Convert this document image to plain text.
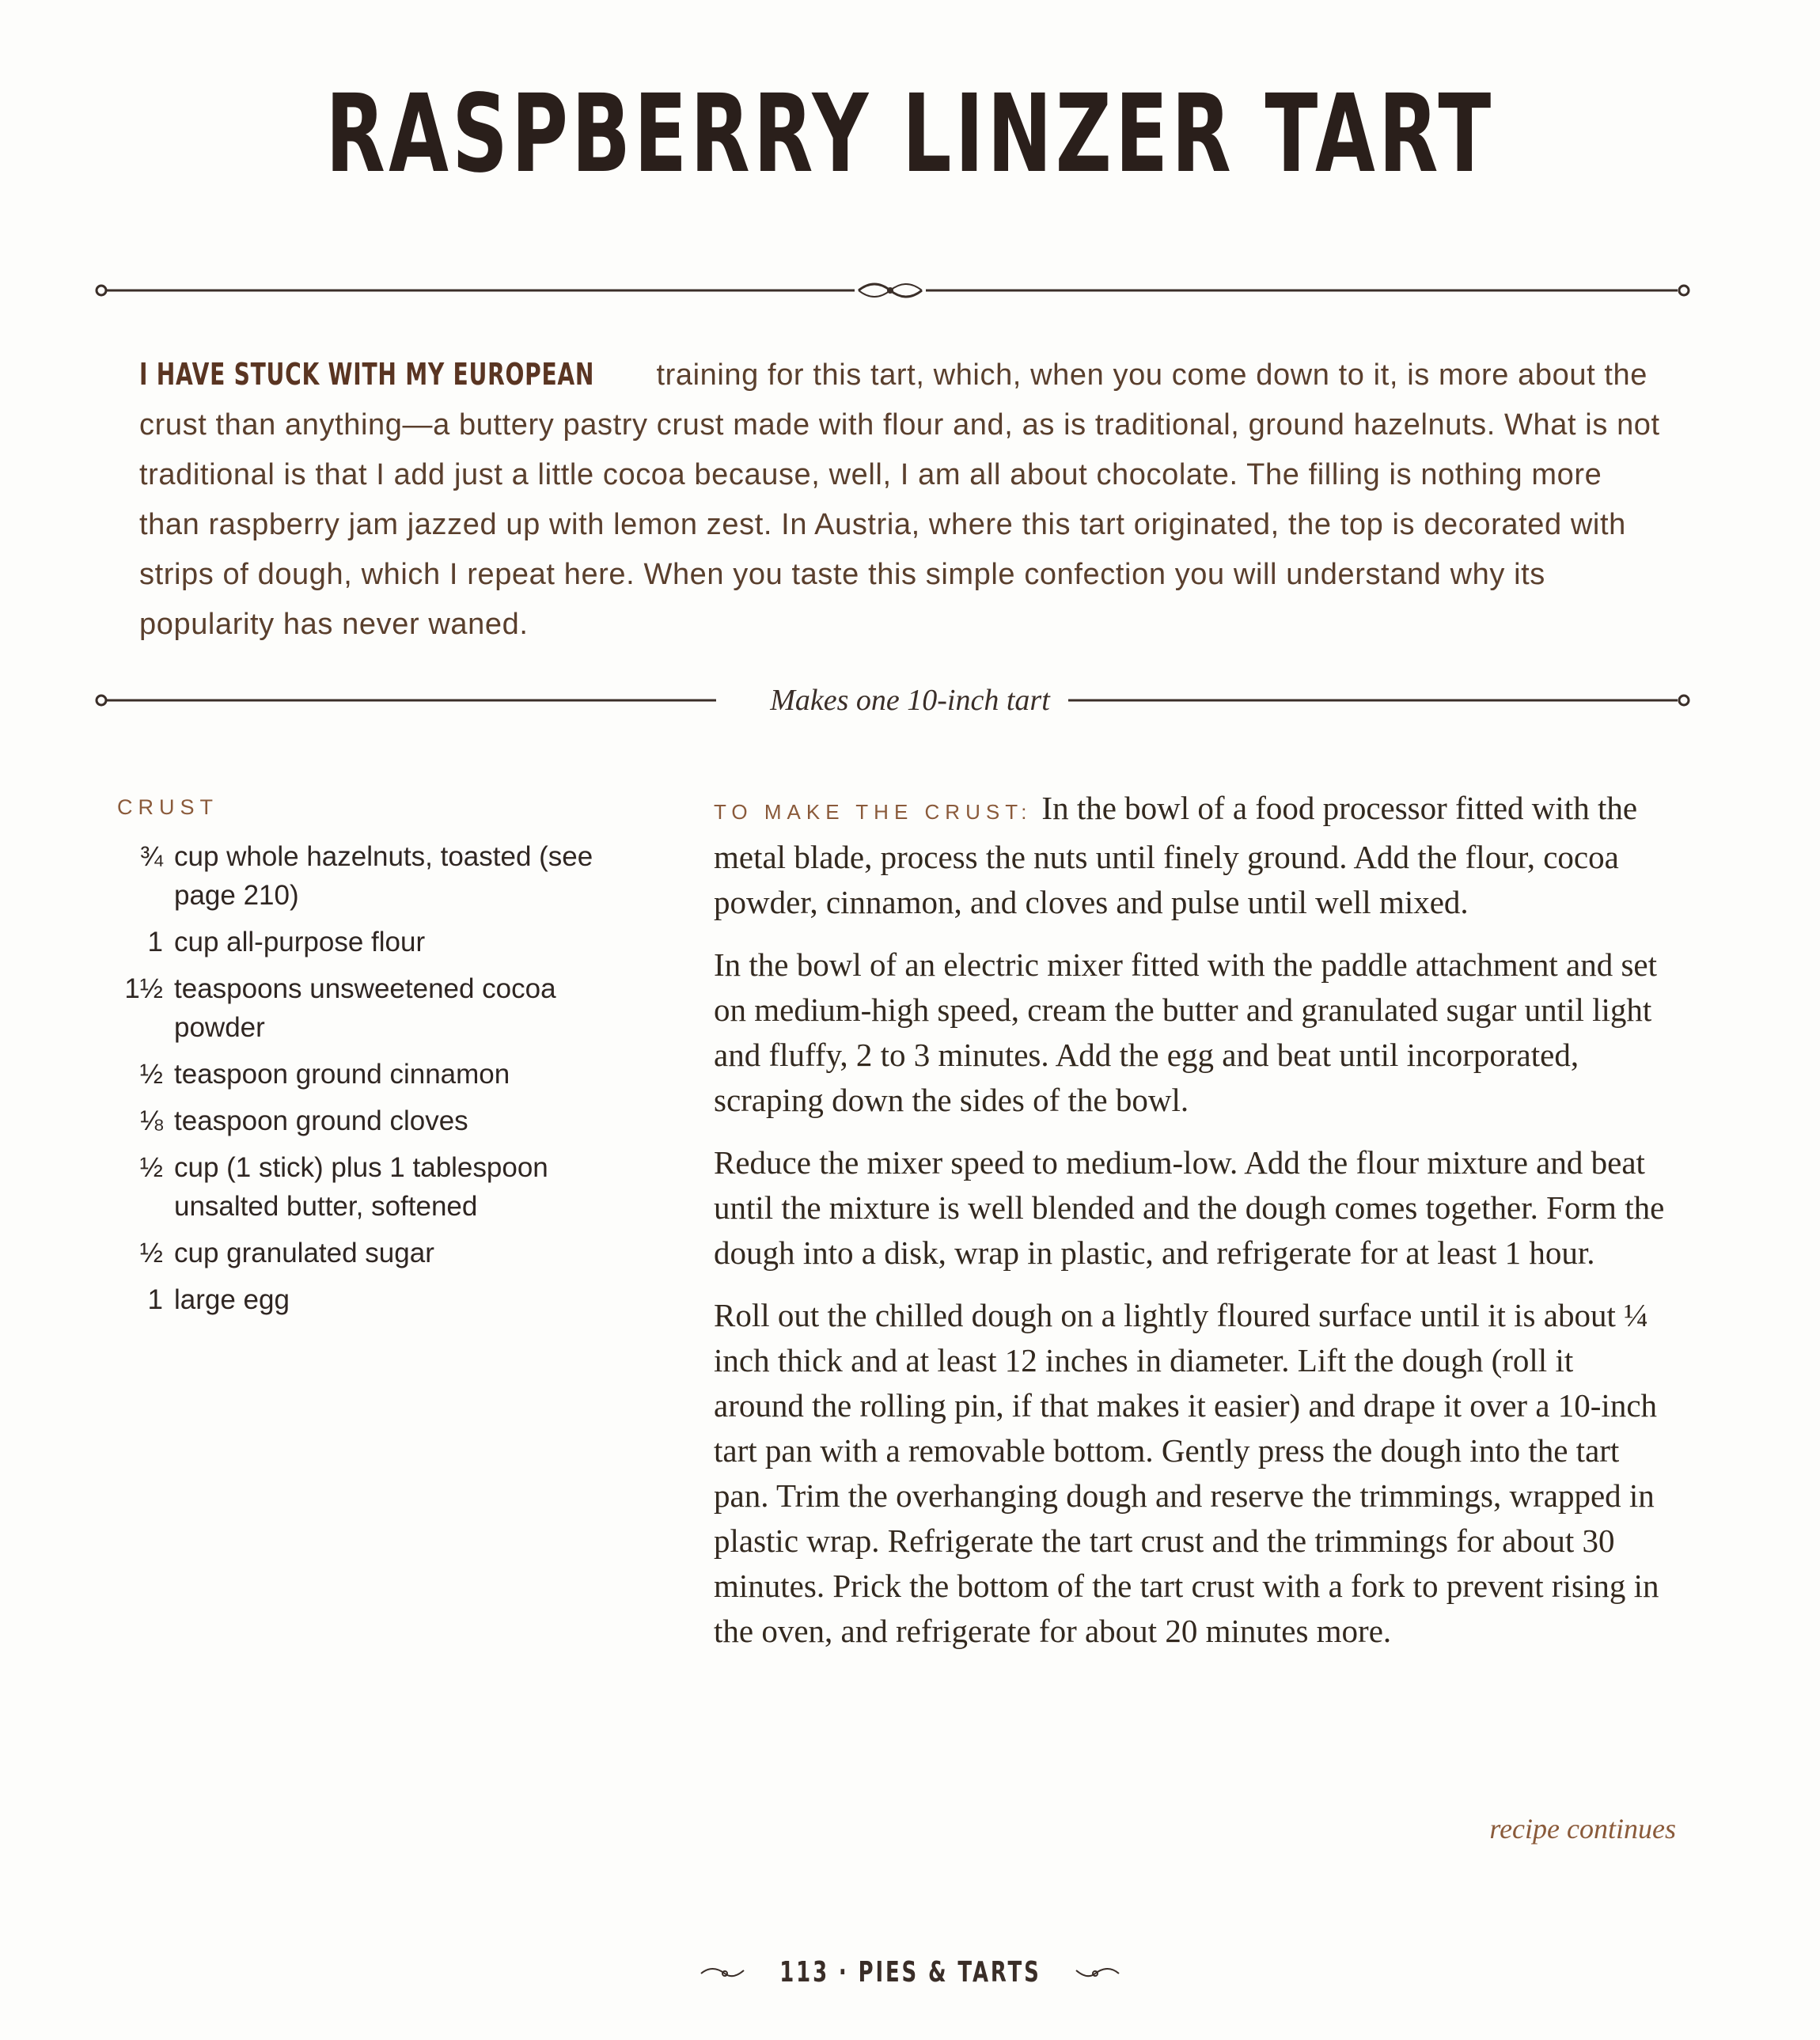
RASPBERRY LINZER TART
I HAVE STUCK WITH MY EUROPEAN training for this tart, which, when you come down to it, is more about the crust than anything—a buttery pastry crust made with flour and, as is traditional, ground hazelnuts. What is not traditional is that I add just a little cocoa because, well, I am all about chocolate. The filling is nothing more than raspberry jam jazzed up with lemon zest. In Austria, where this tart originated, the top is decorated with strips of dough, which I repeat here. When you taste this simple confection you will understand why its popularity has never waned.
Makes one 10-inch tart
CRUST
¾ cup whole hazelnuts, toasted (see page 210)
1 cup all-purpose flour
1½ teaspoons unsweetened cocoa powder
½ teaspoon ground cinnamon
⅛ teaspoon ground cloves
½ cup (1 stick) plus 1 tablespoon unsalted butter, softened
½ cup granulated sugar
1 large egg

TO MAKE THE CRUST: In the bowl of a food processor fitted with the metal blade, process the nuts until finely ground. Add the flour, cocoa powder, cinnamon, and cloves and pulse until well mixed.

In the bowl of an electric mixer fitted with the paddle attachment and set on medium-high speed, cream the butter and granulated sugar until light and fluffy, 2 to 3 minutes. Add the egg and beat until incorporated, scraping down the sides of the bowl.

Reduce the mixer speed to medium-low. Add the flour mixture and beat until the mixture is well blended and the dough comes together. Form the dough into a disk, wrap in plastic, and refrigerate for at least 1 hour.

Roll out the chilled dough on a lightly floured surface until it is about ¼ inch thick and at least 12 inches in diameter. Lift the dough (roll it around the rolling pin, if that makes it easier) and drape it over a 10-inch tart pan with a removable bottom. Gently press the dough into the tart pan. Trim the overhanging dough and reserve the trimmings, wrapped in plastic wrap. Refrigerate the tart crust and the trimmings for about 30 minutes. Prick the bottom of the tart crust with a fork to prevent rising in the oven, and refrigerate for about 20 minutes more.

recipe continues
113 · PIES & TARTS
